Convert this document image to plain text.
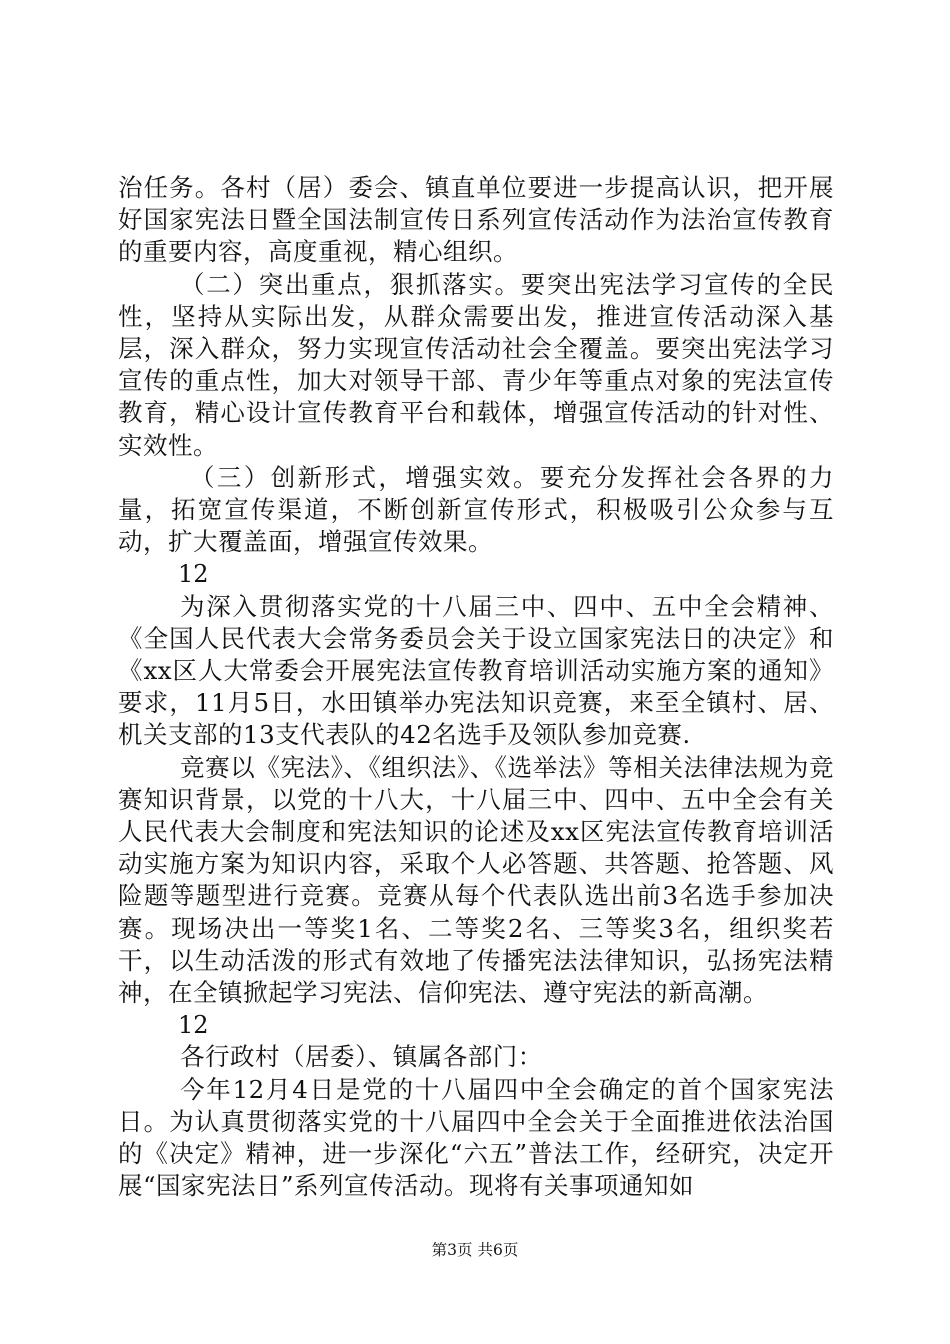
治任务。各村（居）委会、镇直单位要进一步提高认识，把开展好国家宪法日暨全国法制宣传日系列宣传活动作为法治宣传教育的重要内容，高度重视，精心组织。

（二）突出重点，狠抓落实。要突出宪法学习宣传的全民性，坚持从实际出发，从群众需要出发，推进宣传活动深入基层，深入群众，努力实现宣传活动社会全覆盖。要突出宪法学习宣传的重点性，加大对领导干部、青少年等重点对象的宪法宣传教育，精心设计宣传教育平台和载体，增强宣传活动的针对性、实效性。

（三）创新形式，增强实效。要充分发挥社会各界的力量，拓宽宣传渠道，不断创新宣传形式，积极吸引公众参与互动，扩大覆盖面，增强宣传效果。

12

为深入贯彻落实党的十八届三中、四中、五中全会精神、《全国人民代表大会常务委员会关于设立国家宪法日的决定》和《xx区人大常委会开展宪法宣传教育培训活动实施方案的通知》要求，11月5日，水田镇举办宪法知识竞赛，来至全镇村、居、机关支部的13支代表队的42名选手及领队参加竞赛.

竞赛以《宪法》、《组织法》、《选举法》等相关法律法规为竞赛知识背景，以党的十八大，十八届三中、四中、五中全会有关人民代表大会制度和宪法知识的论述及xx区宪法宣传教育培训活动实施方案为知识内容，采取个人必答题、共答题、抢答题、风险题等题型进行竞赛。竞赛从每个代表队选出前3名选手参加决赛。现场决出一等奖1名、二等奖2名、三等奖3名，组织奖若干，以生动活泼的形式有效地了传播宪法法律知识，弘扬宪法精神，在全镇掀起学习宪法、信仰宪法、遵守宪法的新高潮。

12

各行政村（居委）、镇属各部门：

今年12月4日是党的十八届四中全会确定的首个国家宪法日。为认真贯彻落实党的十八届四中全会关于全面推进依法治国的《决定》精神，进一步深化“六五”普法工作，经研究，决定开展“国家宪法日”系列宣传活动。现将有关事项通知如

第3页 共6页
